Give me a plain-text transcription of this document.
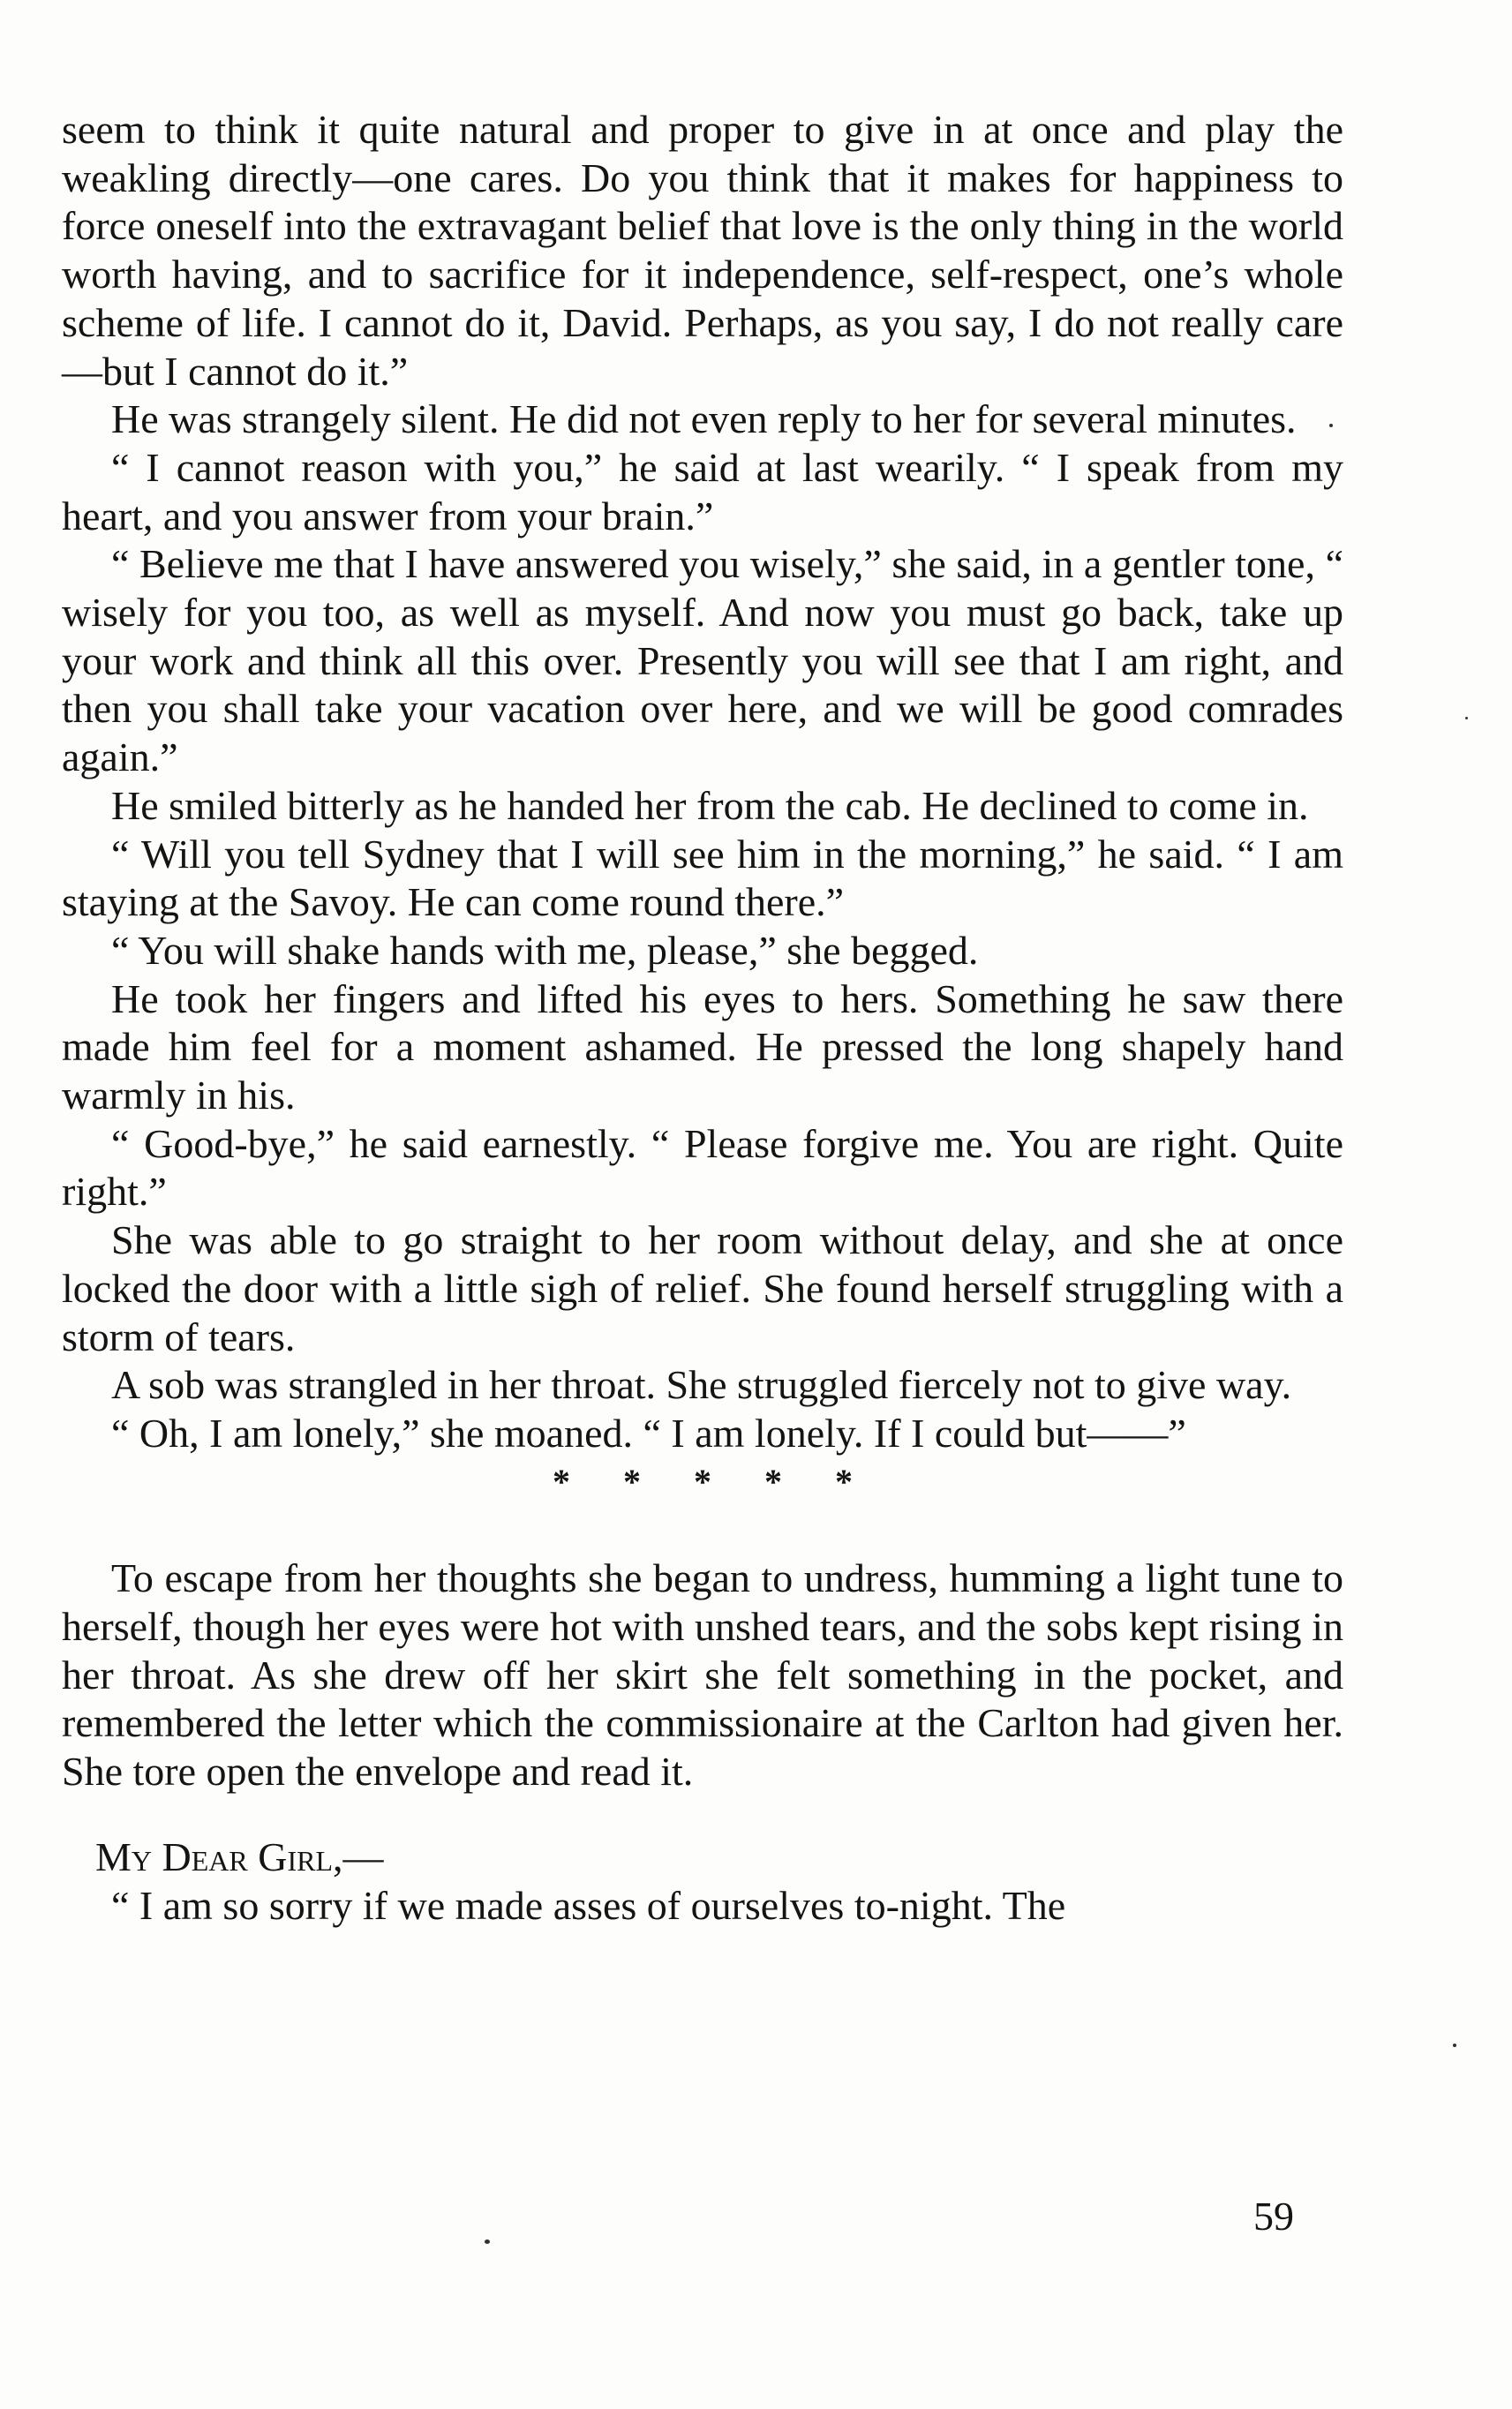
seem to think it quite natural and proper to give in at once and play the weakling directly—one cares. Do you think that it makes for happiness to force oneself into the extravagant belief that love is the only thing in the world worth having, and to sacrifice for it independence, self-respect, one’s whole scheme of life. I cannot do it, David. Perhaps, as you say, I do not really care—but I cannot do it.”

He was strangely silent. He did not even reply to her for several minutes.

“ I cannot reason with you,” he said at last wearily. “ I speak from my heart, and you answer from your brain.”

“ Believe me that I have answered you wisely,” she said, in a gentler tone, “ wisely for you too, as well as myself. And now you must go back, take up your work and think all this over. Presently you will see that I am right, and then you shall take your vacation over here, and we will be good comrades again.”

He smiled bitterly as he handed her from the cab. He declined to come in.

“ Will you tell Sydney that I will see him in the morning,” he said. “ I am staying at the Savoy. He can come round there.”

“ You will shake hands with me, please,” she begged.

He took her fingers and lifted his eyes to hers. Something he saw there made him feel for a moment ashamed. He pressed the long shapely hand warmly in his.

“ Good-bye,” he said earnestly. “ Please forgive me. You are right. Quite right.”

She was able to go straight to her room without delay, and she at once locked the door with a little sigh of relief. She found herself struggling with a storm of tears.

A sob was strangled in her throat. She struggled fiercely not to give way.

“ Oh, I am lonely,” she moaned. “ I am lonely. If I could but——”

* * * * *

To escape from her thoughts she began to undress, humming a light tune to herself, though her eyes were hot with unshed tears, and the sobs kept rising in her throat. As she drew off her skirt she felt something in the pocket, and remembered the letter which the commissionaire at the Carlton had given her. She tore open the envelope and read it.

My Dear Girl,—

“ I am so sorry if we made asses of ourselves to-night. The

59
